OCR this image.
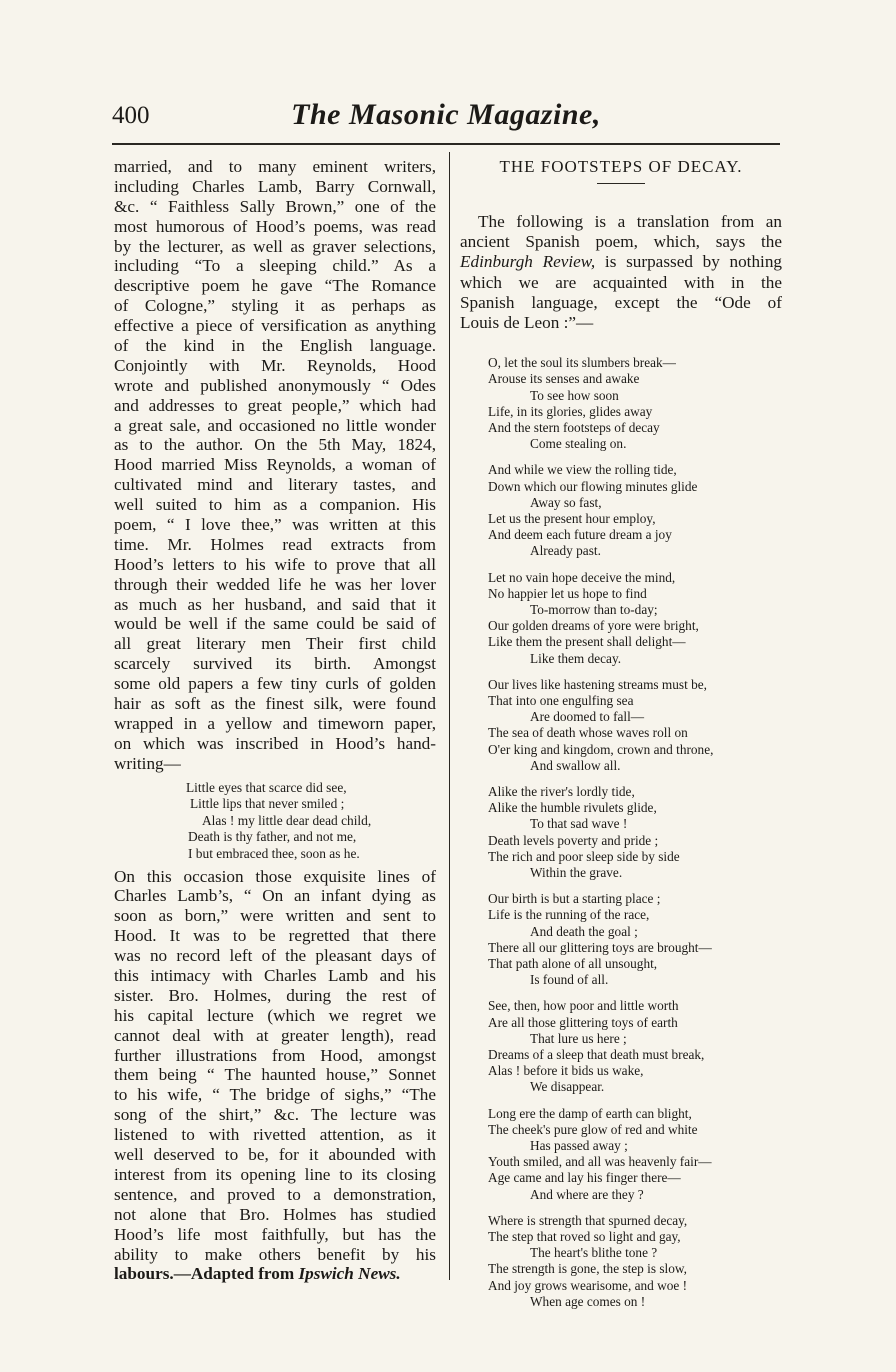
400	The Masonic Magazine,
married, and to many eminent writers,
including Charles Lamb, Barry Cornwall,
&c. “ Faithless Sally Brown,” one of the
most humorous of Hood’s poems, was read
by the lecturer, as well as graver selections,
including “To a sleeping child.” As a
descriptive poem he gave “The Romance
of Cologne,” styling it as perhaps as
effective a piece of versification as anything
of the kind in the English language.
Conjointly with Mr. Reynolds, Hood
wrote and published anonymously “ Odes
and addresses to great people,” which had
a great sale, and occasioned no little wonder
as to the author. On the 5th May, 1824,
Hood married Miss Reynolds, a woman of
cultivated mind and literary tastes, and
well suited to him as a companion. His
poem, “ I love thee,” was written at this
time. Mr. Holmes read extracts from
Hood’s letters to his wife to prove that all
through their wedded life he was her lover
as much as her husband, and said that it
would be well if the same could be said of
all great literary men Their first child
scarcely survived its birth. Amongst
some old papers a few tiny curls of golden
hair as soft as the finest silk, were found
wrapped in a yellow and timeworn paper,
on which was inscribed in Hood’s hand-
writing—
Little eyes that scarce did see,
Little lips that never smiled ;
Alas ! my little dear dead child,
Death is thy father, and not me,
I but embraced thee, soon as he.
On this occasion those exquisite lines of
Charles Lamb’s, “ On an infant dying as
soon as born,” were written and sent to
Hood. It was to be regretted that there
was no record left of the pleasant days of
this intimacy with Charles Lamb and his
sister. Bro. Holmes, during the rest of
his capital lecture (which we regret we
cannot deal with at greater length), read
further illustrations from Hood, amongst
them being “ The haunted house,” Sonnet
to his wife, “ The bridge of sighs,” “The
song of the shirt,” &c. The lecture was
listened to with rivetted attention, as it
well deserved to be, for it abounded with
interest from its opening line to its closing
sentence, and proved to a demonstration,
not alone that Bro. Holmes has studied
Hood’s life most faithfully, but has the
ability to make others benefit by his
labours.—Adapted from Ipswich News.
THE FOOTSTEPS OF DECAY.
The following is a translation from an
ancient Spanish poem, which, says the
Edinburgh Review, is surpassed by nothing
which we are acquainted with in the
Spanish language, except the “Ode of
Louis de Leon :”—
O, let the soul its slumbers break—
Arouse its senses and awake
To see how soon
Life, in its glories, glides away
And the stern footsteps of decay
Come stealing on.
And while we view the rolling tide,
Down which our flowing minutes glide
Away so fast,
Let us the present hour employ,
And deem each future dream a joy
Already past.
Let no vain hope deceive the mind,
No happier let us hope to find
To-morrow than to-day;
Our golden dreams of yore were bright,
Like them the present shall delight—
Like them decay.
Our lives like hastening streams must be,
That into one engulfing sea
Are doomed to fall—
The sea of death whose waves roll on
O'er king and kingdom, crown and throne,
And swallow all.
Alike the river's lordly tide,
Alike the humble rivulets glide,
To that sad wave !
Death levels poverty and pride ;
The rich and poor sleep side by side
Within the grave.
Our birth is but a starting place ;
Life is the running of the race,
And death the goal ;
There all our glittering toys are brought—
That path alone of all unsought,
Is found of all.
See, then, how poor and little worth
Are all those glittering toys of earth
That lure us here ;
Dreams of a sleep that death must break,
Alas ! before it bids us wake,
We disappear.
Long ere the damp of earth can blight,
The cheek's pure glow of red and white
Has passed away ;
Youth smiled, and all was heavenly fair—
Age came and lay his finger there—
And where are they ?
Where is strength that spurned decay,
The step that roved so light and gay,
The heart's blithe tone ?
The strength is gone, the step is slow,
And joy grows wearisome, and woe !
When age comes on !
